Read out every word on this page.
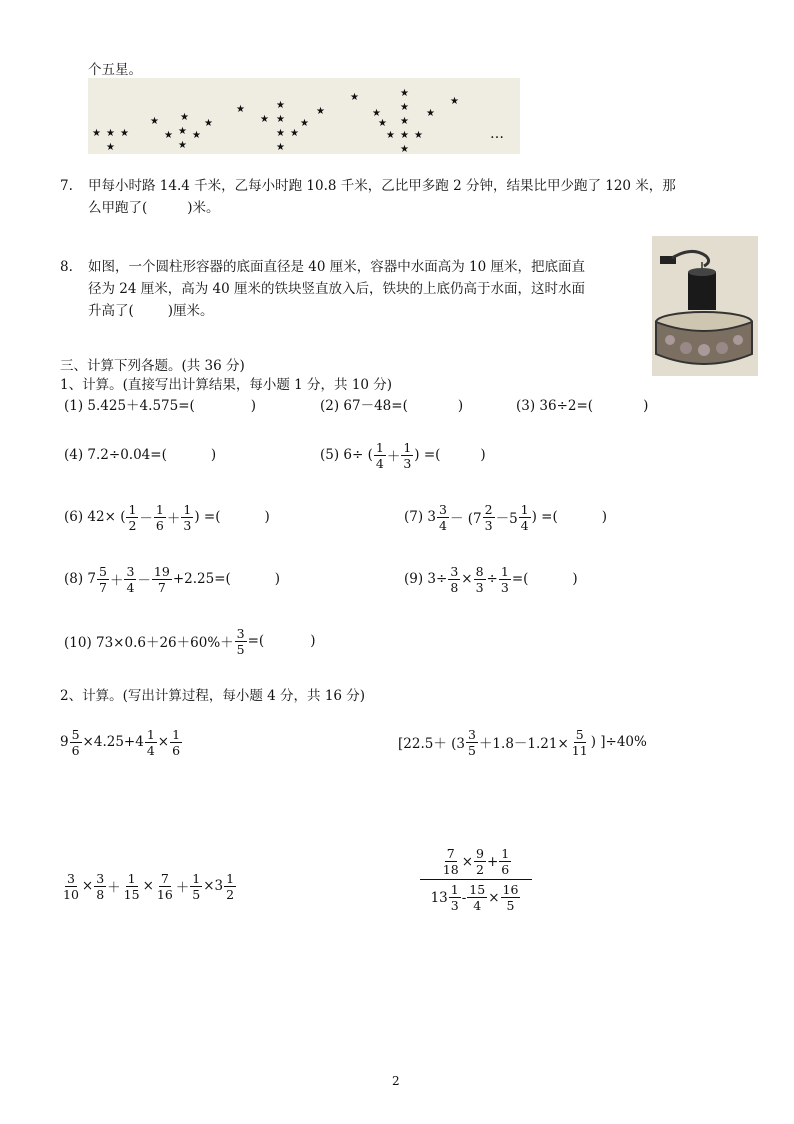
个五星。
★ ★ ★
★
★
★
★
★ ★
★
★
★
★
★
★
★ ★
★
★
★
★
★
★
★
★
★
★ ★
★
★
★
★
…
7. 甲每小时路 14.4 千米，乙每小时跑 10.8 千米，乙比甲多跑 2 分钟，结果比甲少跑了 120 米，那
么甲跑了(	)米。
8. 如图，一个圆柱形容器的底面直径是 40 厘米，容器中水面高为 10 厘米，把底面直
径为 24 厘米，高为 40 厘米的铁块竖直放入后，铁块的上底仍高于水面，这时水面
升高了(	)厘米。
三、计算下列各题。(共 36 分)
1、计算。(直接写出计算结果，每小题 1 分，共 10 分)
(1) 5.425＋4.575=(	)	(2) 67－48=(	)	(3) 36÷2=(	)
(4) 7.2÷0.04=(	)	(5) 6÷ ( $\frac{1}{4} + \frac{1}{3}$ ) =(	)
(6) 42× ( $\frac{1}{2} - \frac{1}{6} + \frac{1}{3}$ ) =(	)	(7) $3 \frac{3}{4} - (7 \frac{2}{3} -5 \frac{1}{4}$ ) =(	)
(8) $7 \frac{5}{7} + \frac{3}{4} - \frac{19}{7} +2.25=$(	)	(9) $3\div \frac{3}{8} \times \frac{8}{3} \div \frac{1}{3}$ =(	)
(10) $73\times 0.6+26+60\%+ \frac{3}{5}$ =(	)
2、计算。(写出计算过程，每小题 4 分，共 16 分)
$9 \frac{5}{6} \times 4.25+4 \frac{1}{4} \times \frac{1}{6}$	[$22.5+ (3 \frac{3}{5} +1.8-1.21\times \frac{5}{11}$ ) ]÷40%
$\frac{3}{10} \times \frac{3}{8} + \frac{1}{15} \times \frac{7}{16} + \frac{1}{5} \times 3 \frac{1}{2}$
$\frac{7}{18} \times \frac{9}{2} + \frac{1}{6}$
$13 \frac{1}{3} - \frac{15}{4} \times \frac{16}{5}$
2
